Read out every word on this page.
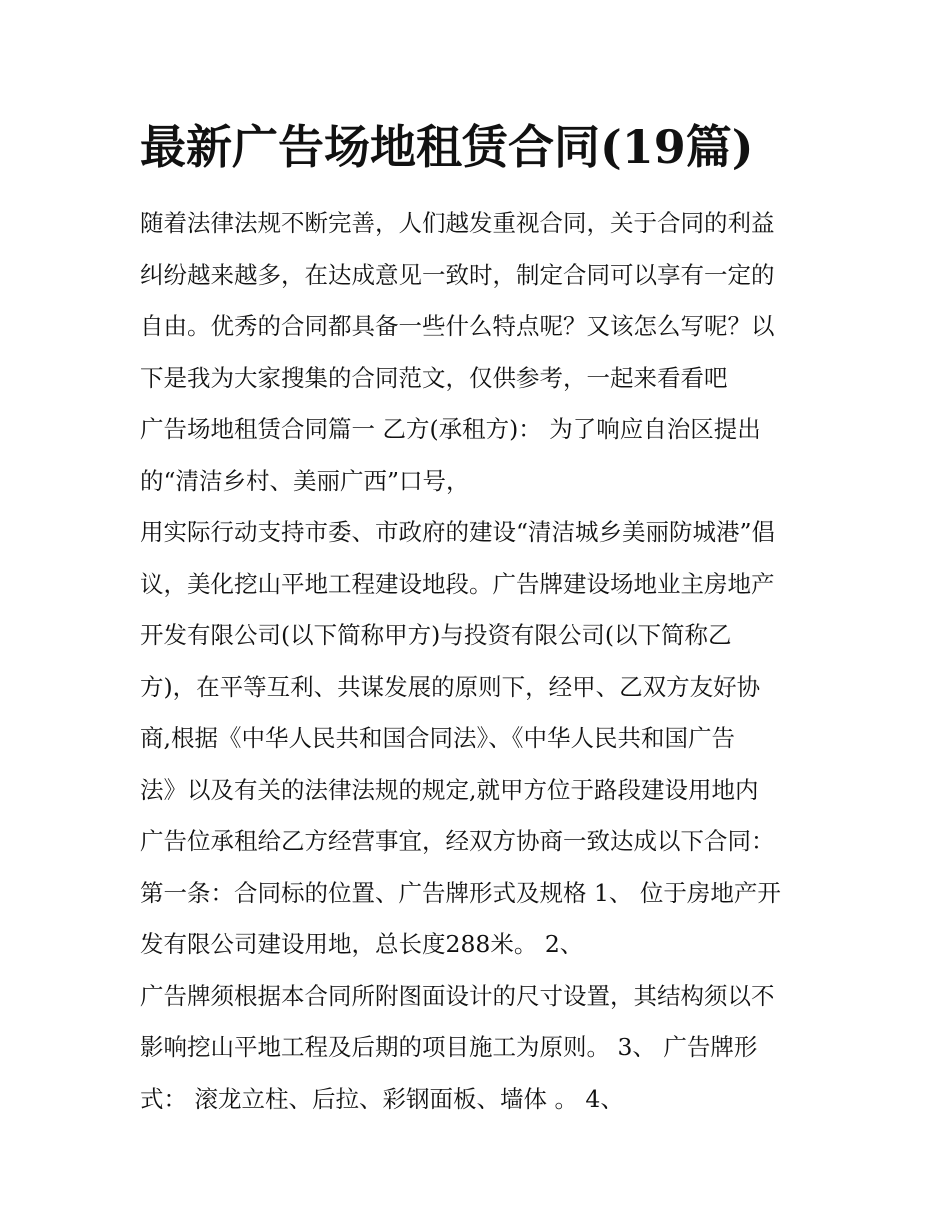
最新广告场地租赁合同(19篇)
随着法律法规不断完善，人们越发重视合同，关于合同的利益
纠纷越来越多，在达成意见一致时，制定合同可以享有一定的
自由。优秀的合同都具备一些什么特点呢？又该怎么写呢？以
下是我为大家搜集的合同范文，仅供参考，一起来看看吧
广告场地租赁合同篇一 乙方(承租方)： 为了响应自治区提出
的“清洁乡村、美丽广西”口号，
用实际行动支持市委、市政府的建设“清洁城乡美丽防城港”倡
议，美化挖山平地工程建设地段。广告牌建设场地业主房地产
开发有限公司(以下简称甲方)与投资有限公司(以下简称乙
方)，在平等互利、共谋发展的原则下，经甲、乙双方友好协
商,根据《中华人民共和国合同法》、《中华人民共和国广告
法》以及有关的法律法规的规定,就甲方位于路段建设用地内
广告位承租给乙方经营事宜，经双方协商一致达成以下合同：
第一条：合同标的位置、广告牌形式及规格 1、 位于房地产开
发有限公司建设用地，总长度288米。 2、
广告牌须根据本合同所附图面设计的尺寸设置，其结构须以不
影响挖山平地工程及后期的项目施工为原则。 3、 广告牌形
式： 滚龙立柱、后拉、彩钢面板、墙体 。 4、
